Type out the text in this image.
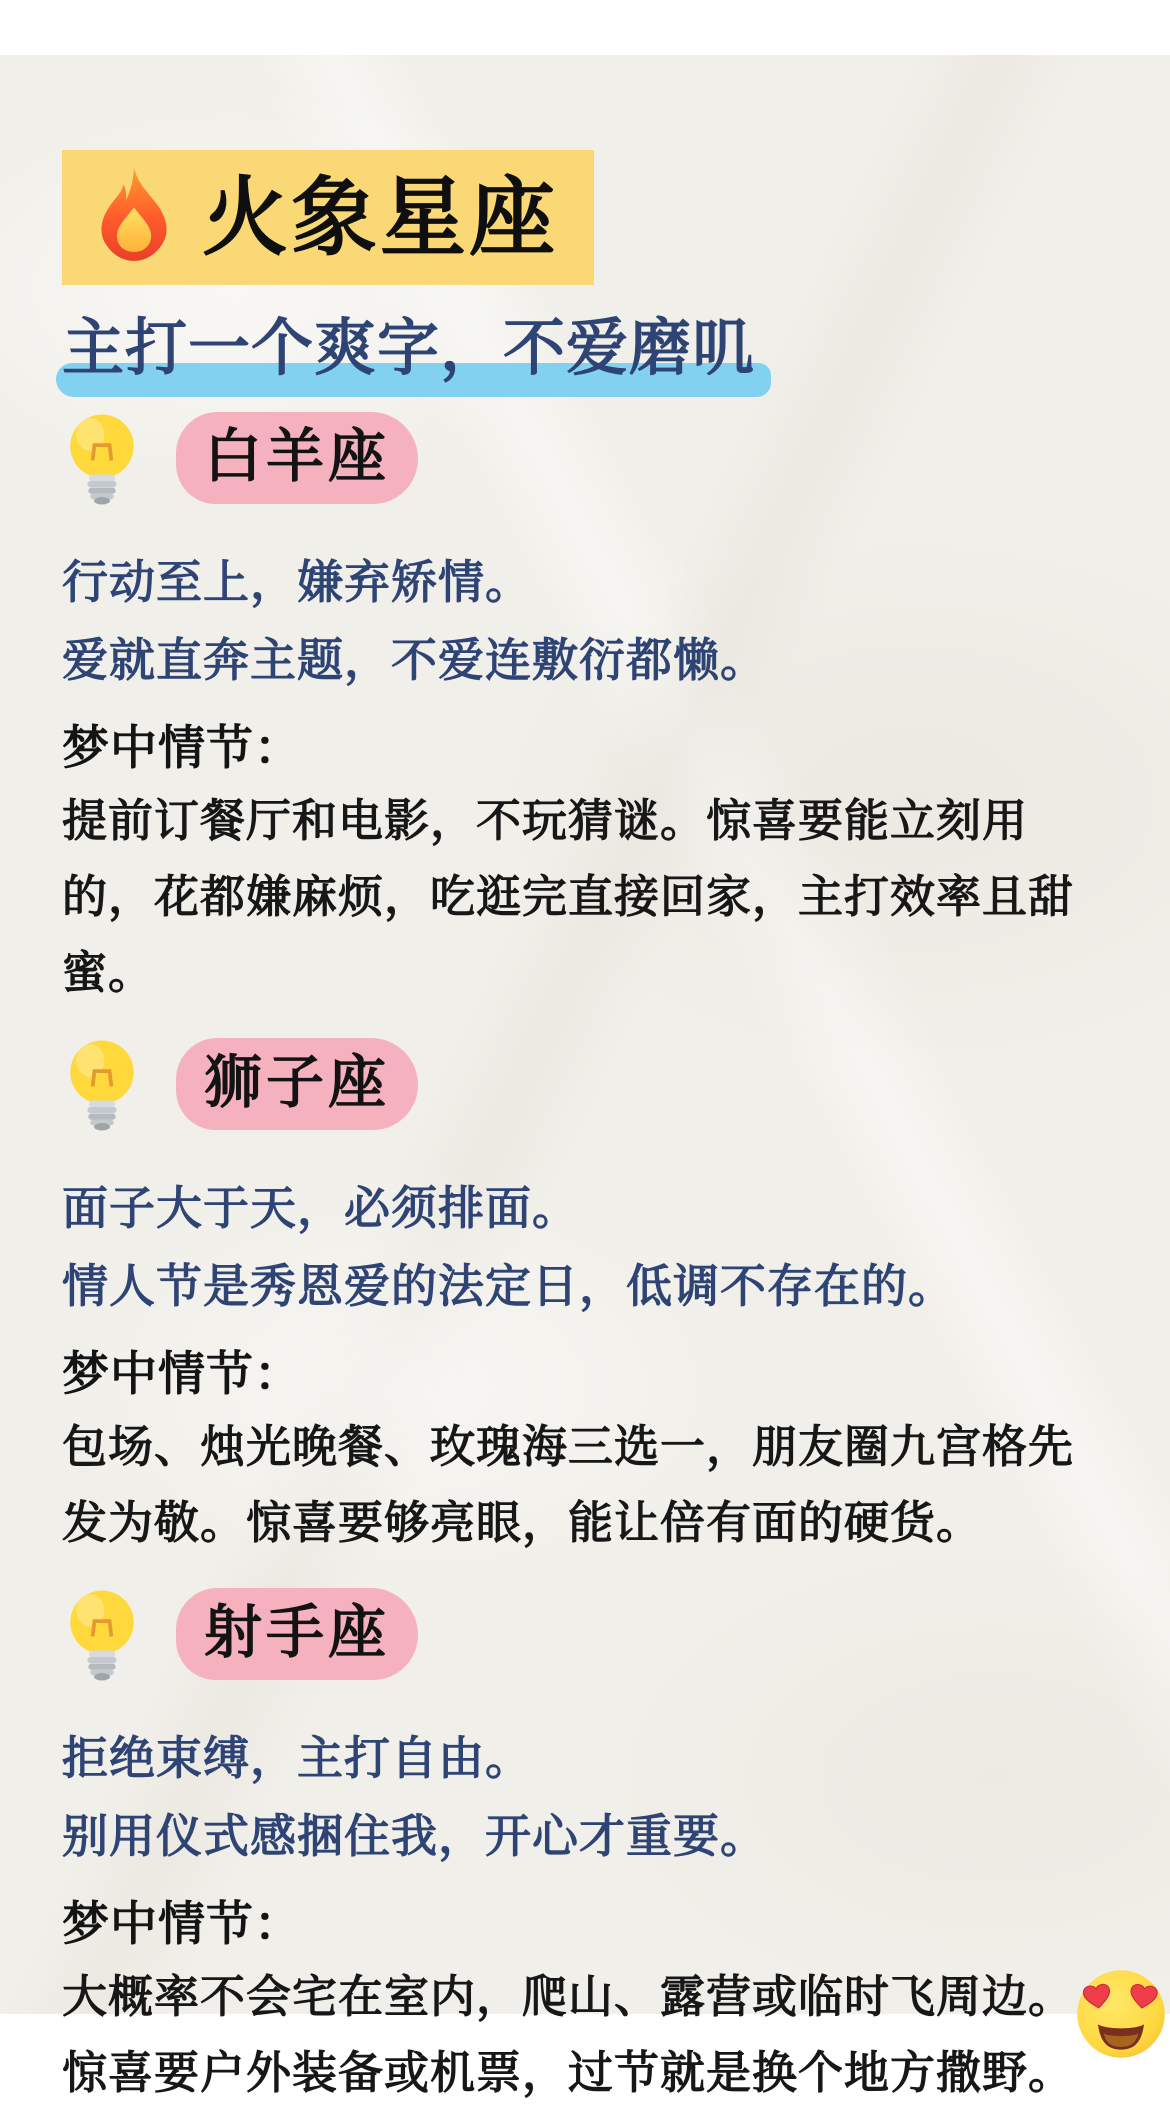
火象星座
主打一个爽字，不爱磨叽
白羊座
行动至上，嫌弃矫情。
爱就直奔主题，不爱连敷衍都懒。
梦中情节：
提前订餐厅和电影，不玩猜谜。惊喜要能立刻用的，花都嫌麻烦，吃逛完直接回家，主打效率且甜蜜。
狮子座
面子大于天，必须排面。
情人节是秀恩爱的法定日，低调不存在的。
梦中情节：
包场、烛光晚餐、玫瑰海三选一，朋友圈九宫格先发为敬。惊喜要够亮眼，能让倍有面的硬货。
射手座
拒绝束缚，主打自由。
别用仪式感捆住我，开心才重要。
梦中情节：
大概率不会宅在室内，爬山、露营或临时飞周边。惊喜要户外装备或机票，过节就是换个地方撒野。
